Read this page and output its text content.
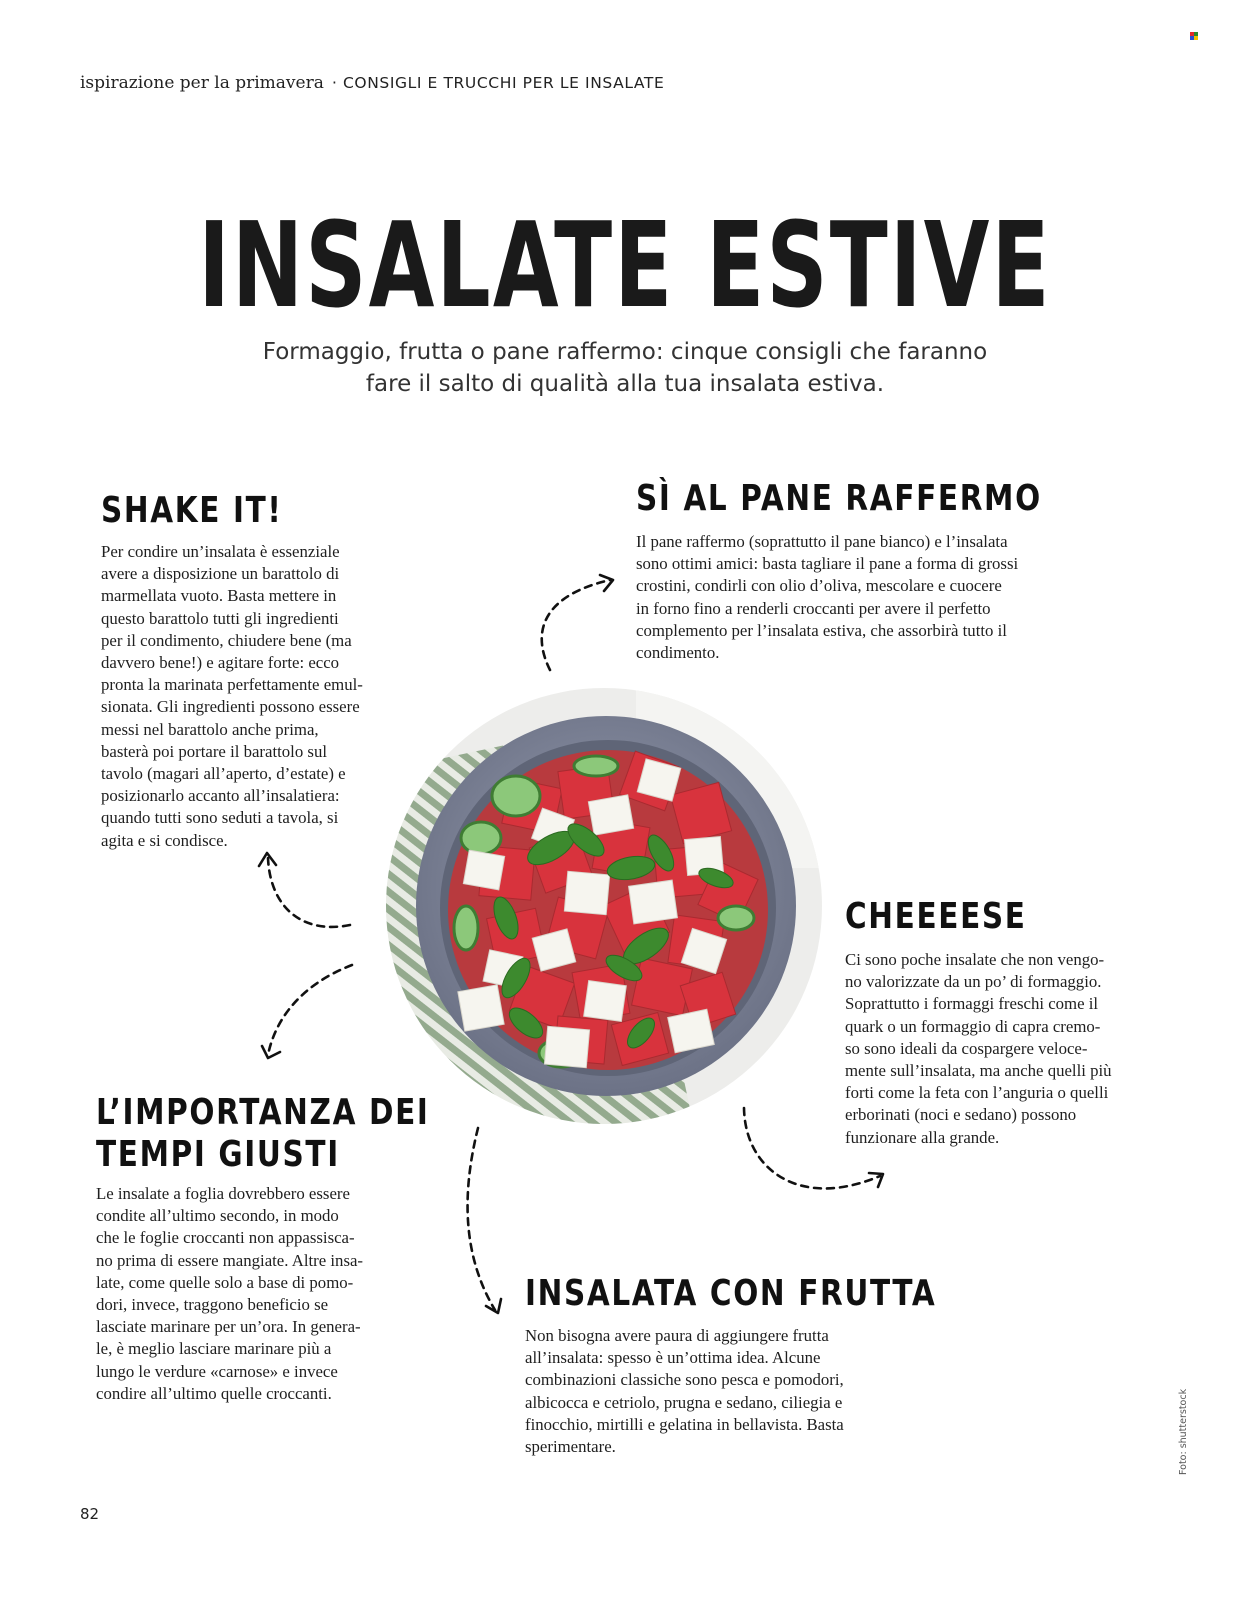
ispirazione per la primavera · CONSIGLI E TRUCCHI PER LE INSALATE
INSALATE ESTIVE
Formaggio, frutta o pane raffermo: cinque consigli che faranno
fare il salto di qualità alla tua insalata estiva.
SHAKE IT!
Per condire un’insalata è essenziale
avere a disposizione un barattolo di
marmellata vuoto. Basta mettere in
questo barattolo tutti gli ingredienti
per il condimento, chiudere bene (ma
davvero bene!) e agitare forte: ecco
pronta la marinata perfettamente emul-
sionata. Gli ingredienti possono essere
messi nel barattolo anche prima,
basterà poi portare il barattolo sul
tavolo (magari all’aperto, d’estate) e
posizionarlo accanto all’insalatiera:
quando tutti sono seduti a tavola, si
agita e si condisce.
SÌ AL PANE RAFFERMO
Il pane raffermo (soprattutto il pane bianco) e l’insalata
sono ottimi amici: basta tagliare il pane a forma di grossi
crostini, condirli con olio d’oliva, mescolare e cuocere
in forno fino a renderli croccanti per avere il perfetto
complemento per l’insalata estiva, che assorbirà tutto il
condimento.
CHEEEESE
Ci sono poche insalate che non vengo-
no valorizzate da un po’ di formaggio.
Soprattutto i formaggi freschi come il
quark o un formaggio di capra cremo-
so sono ideali da cospargere veloce-
mente sull’insalata, ma anche quelli più
forti come la feta con l’anguria o quelli
erborinati (noci e sedano) possono
funzionare alla grande.
L’IMPORTANZA DEI
TEMPI GIUSTI
Le insalate a foglia dovrebbero essere
condite all’ultimo secondo, in modo
che le foglie croccanti non appassisca-
no prima di essere mangiate. Altre insa-
late, come quelle solo a base di pomo-
dori, invece, traggono beneficio se
lasciate marinare per un’ora. In genera-
le, è meglio lasciare marinare più a
lungo le verdure «carnose» e invece
condire all’ultimo quelle croccanti.
INSALATA CON FRUTTA
Non bisogna avere paura di aggiungere frutta
all’insalata: spesso è un’ottima idea. Alcune
combinazioni classiche sono pesca e pomodori,
albicocca e cetriolo, prugna e sedano, ciliegia e
finocchio, mirtilli e gelatina in bellavista. Basta
sperimentare.
82
Foto: shutterstock
